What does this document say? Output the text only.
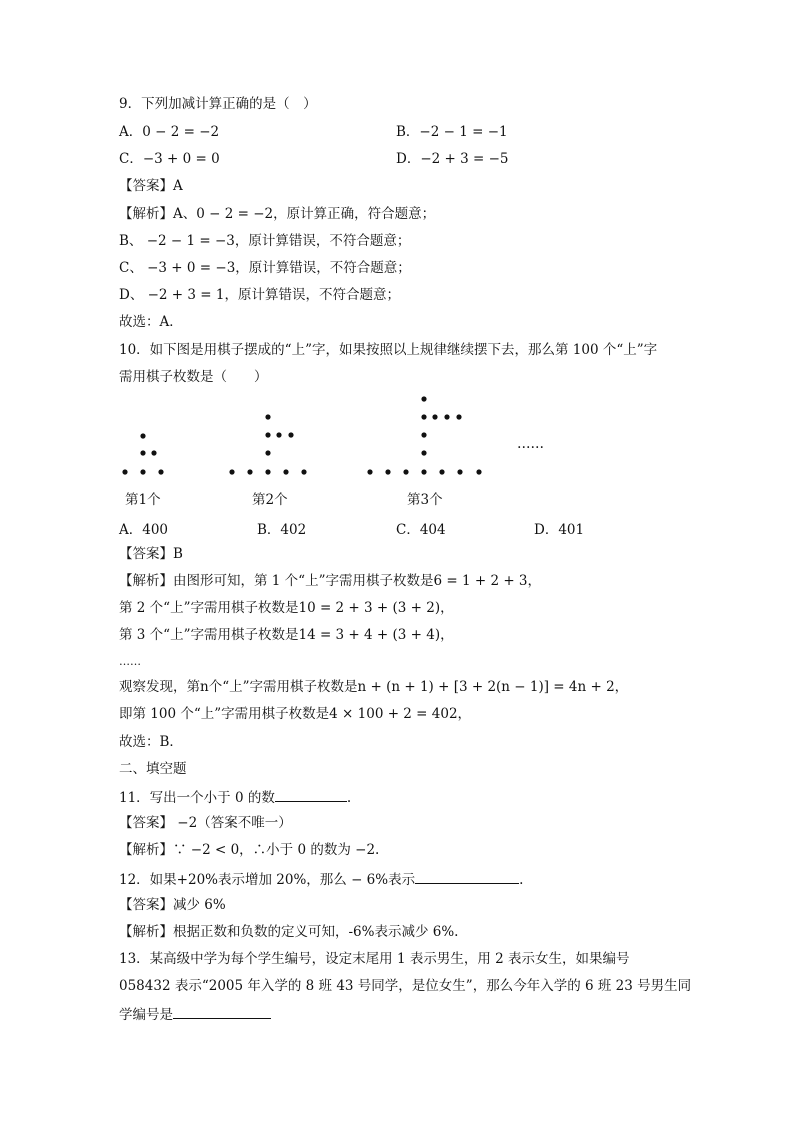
9．下列加减计算正确的是（　）
A．0 − 2 = −2	B．−2 − 1 = −1
C．−3 + 0 = 0	D．−2 + 3 = −5
【答案】A
【解析】A、0 − 2 = −2，原计算正确，符合题意；
B、 −2 − 1 = −3，原计算错误，不符合题意；
C、 −3 + 0 = −3，原计算错误，不符合题意；
D、 −2 + 3 = 1，原计算错误，不符合题意；
故选：A．
10．如下图是用棋子摆成的“上”字，如果按照以上规律继续摆下去，那么第 100 个“上”字
需用棋子枚数是（　　）
第1个	第2个	第3个
……
A．400	B．402	C．404	D．401
【答案】B
【解析】由图形可知，第 1 个“上”字需用棋子枚数是6 = 1 + 2 + 3，
第 2 个“上”字需用棋子枚数是10 = 2 + 3 + (3 + 2)，
第 3 个“上”字需用棋子枚数是14 = 3 + 4 + (3 + 4)，
……
观察发现，第n个“上”字需用棋子枚数是n + (n + 1) + [3 + 2(n − 1)] = 4n + 2，
即第 100 个“上”字需用棋子枚数是4 × 100 + 2 = 402，
故选：B．
二、填空题
11．写出一个小于 0 的数	.
【答案】 −2（答案不唯一）
【解析】∵ −2 < 0，∴小于 0 的数为 −2.
12．如果+20%表示增加 20%，那么 − 6%表示	.
【答案】减少 6%
【解析】根据正数和负数的定义可知，-6%表示减少 6%.
13．某高级中学为每个学生编号，设定末尾用 1 表示男生，用 2 表示女生，如果编号
058432 表示“2005 年入学的 8 班 43 号同学，是位女生”，那么今年入学的 6 班 23 号男生同
学编号是
